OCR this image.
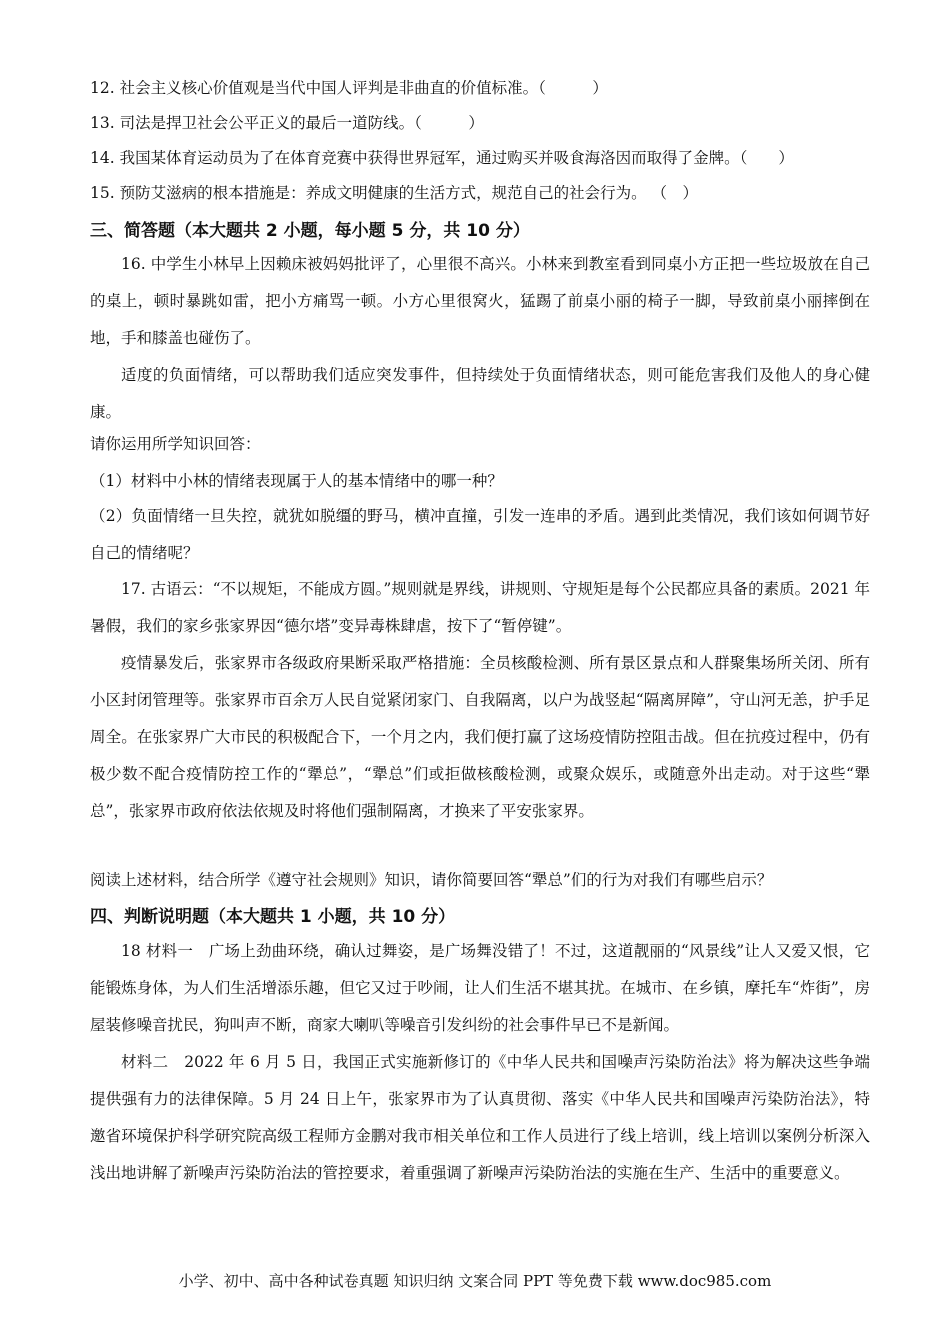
12. 社会主义核心价值观是当代中国人评判是非曲直的价值标准。（　　　）
13. 司法是捍卫社会公平正义的最后一道防线。（　　　）
14. 我国某体育运动员为了在体育竞赛中获得世界冠军，通过购买并吸食海洛因而取得了金牌。（　　）
15. 预防艾滋病的根本措施是：养成文明健康的生活方式，规范自己的社会行为。 （　）
三、简答题（本大题共 2 小题，每小题 5 分，共 10 分）
16. 中学生小林早上因赖床被妈妈批评了，心里很不高兴。小林来到教室看到同桌小方正把一些垃圾放在自己的桌上，顿时暴跳如雷，把小方痛骂一顿。小方心里很窝火，猛踢了前桌小丽的椅子一脚，导致前桌小丽摔倒在地，手和膝盖也碰伤了。
适度的负面情绪，可以帮助我们适应突发事件，但持续处于负面情绪状态，则可能危害我们及他人的身心健康。
请你运用所学知识回答：
（1）材料中小林的情绪表现属于人的基本情绪中的哪一种？
（2）负面情绪一旦失控，就犹如脱缰的野马，横冲直撞，引发一连串的矛盾。遇到此类情况，我们该如何调节好自己的情绪呢？
17. 古语云：“不以规矩，不能成方圆。”规则就是界线，讲规则、守规矩是每个公民都应具备的素质。2021 年暑假，我们的家乡张家界因“德尔塔”变异毒株肆虐，按下了“暂停键”。
疫情暴发后，张家界市各级政府果断采取严格措施：全员核酸检测、所有景区景点和人群聚集场所关闭、所有小区封闭管理等。张家界市百余万人民自觉紧闭家门、自我隔离，以户为战竖起“隔离屏障”，守山河无恙，护手足周全。在张家界广大市民的积极配合下，一个月之内，我们便打赢了这场疫情防控阻击战。但在抗疫过程中，仍有极少数不配合疫情防控工作的“犟总”，“犟总”们或拒做核酸检测，或聚众娱乐，或随意外出走动。对于这些“犟总”，张家界市政府依法依规及时将他们强制隔离，才换来了平安张家界。
阅读上述材料，结合所学《遵守社会规则》知识，请你简要回答“犟总”们的行为对我们有哪些启示？
四、判断说明题（本大题共 1 小题，共 10 分）
18 材料一　广场上劲曲环绕，确认过舞姿，是广场舞没错了！不过，这道靓丽的“风景线”让人又爱又恨，它能锻炼身体，为人们生活增添乐趣，但它又过于吵闹，让人们生活不堪其扰。在城市、在乡镇，摩托车“炸街”，房屋装修噪音扰民，狗叫声不断，商家大喇叭等噪音引发纠纷的社会事件早已不是新闻。
材料二　2022 年 6 月 5 日，我国正式实施新修订的《中华人民共和国噪声污染防治法》将为解决这些争端提供强有力的法律保障。5 月 24 日上午，张家界市为了认真贯彻、落实《中华人民共和国噪声污染防治法》，特邀省环境保护科学研究院高级工程师方金鹏对我市相关单位和工作人员进行了线上培训，线上培训以案例分析深入浅出地讲解了新噪声污染防治法的管控要求，着重强调了新噪声污染防治法的实施在生产、生活中的重要意义。
小学、初中、高中各种试卷真题 知识归纳 文案合同 PPT 等免费下载 www.doc985.com
